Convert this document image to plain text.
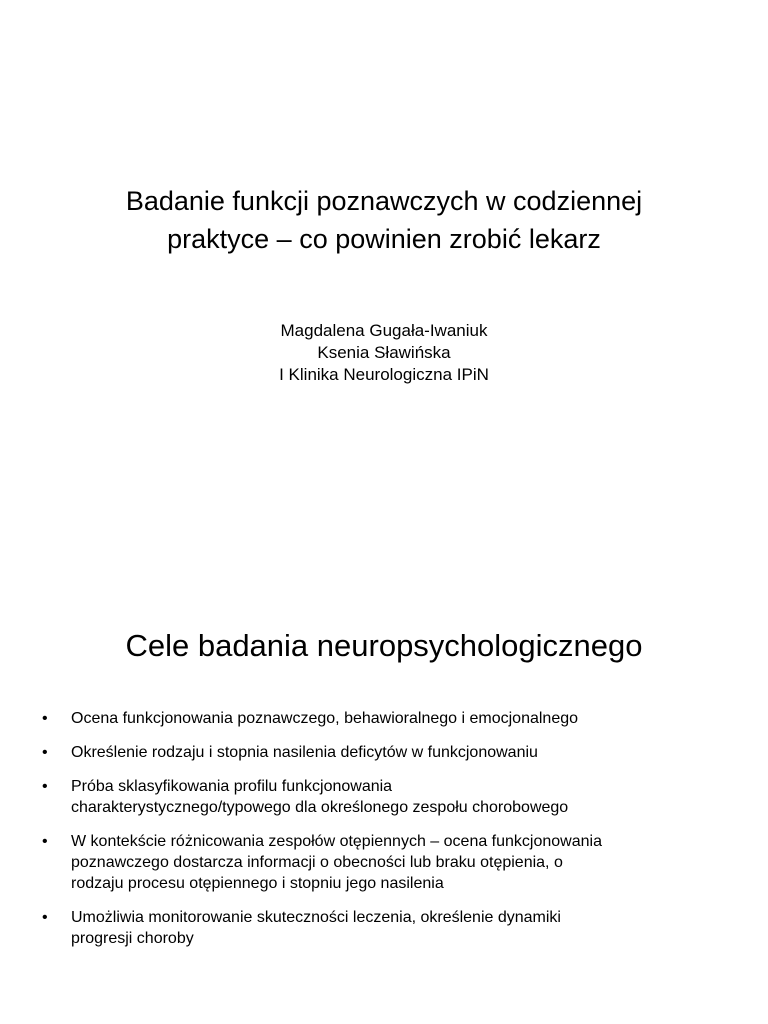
Badanie funkcji poznawczych w codziennej
praktyce – co powinien zrobić lekarz
Magdalena Gugała-Iwaniuk
Ksenia Sławińska
I Klinika Neurologiczna IPiN
Cele badania neuropsychologicznego
• Ocena funkcjonowania poznawczego, behawioralnego i emocjonalnego
• Określenie rodzaju i stopnia nasilenia deficytów w funkcjonowaniu
• Próba sklasyfikowania profilu funkcjonowania
charakterystycznego/typowego dla określonego zespołu chorobowego
• W kontekście różnicowania zespołów otępiennych – ocena funkcjonowania
poznawczego dostarcza informacji o obecności lub braku otępienia, o
rodzaju procesu otępiennego i stopniu jego nasilenia
• Umożliwia monitorowanie skuteczności leczenia, określenie dynamiki
progresji choroby
